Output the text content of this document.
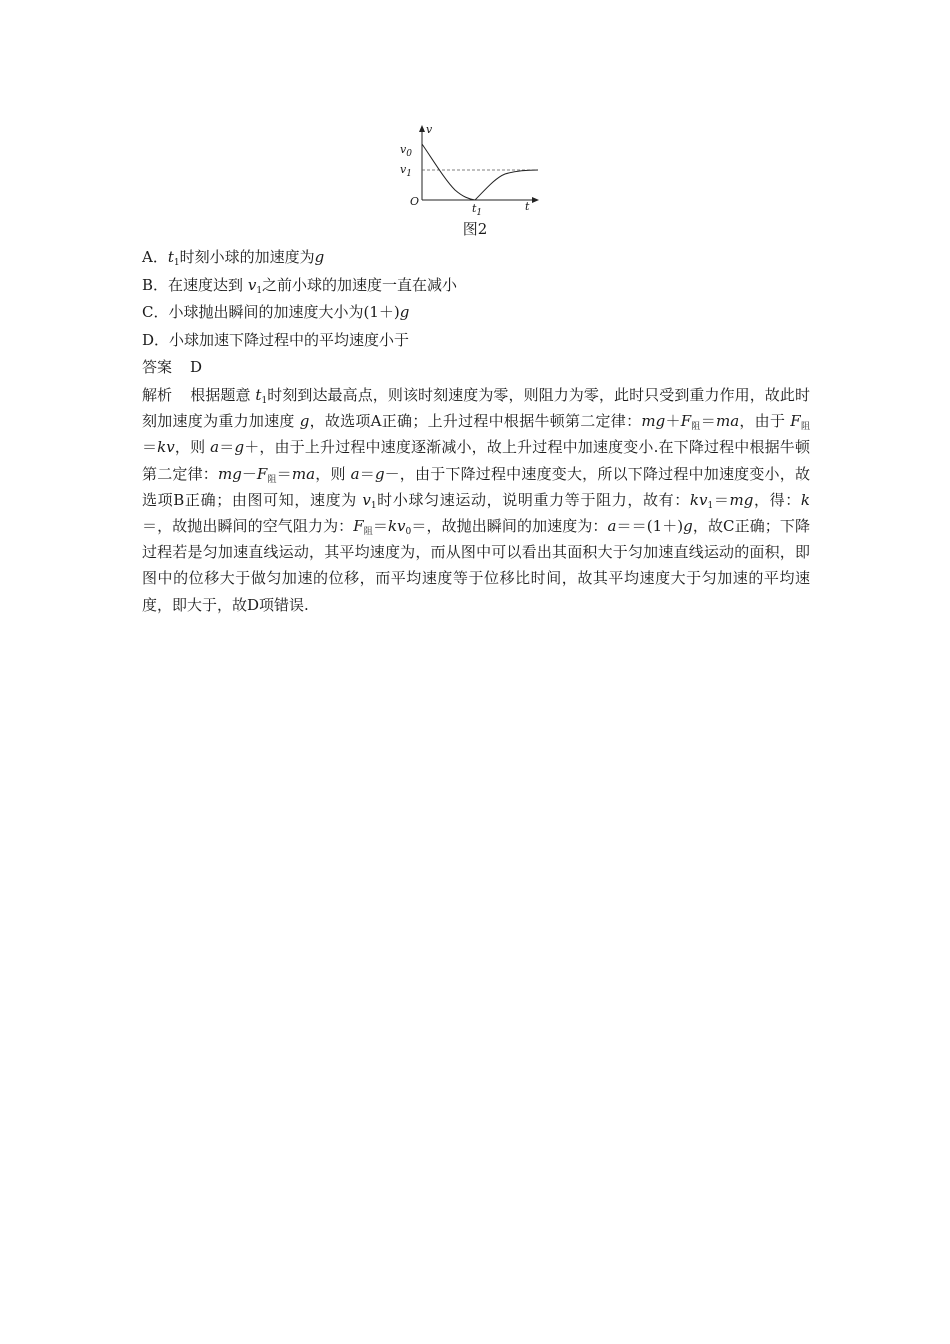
v
$v_0$
$v_1$
O
$t_1$	t
图2
A．$t_1$时刻小球的加速度为g
B．在速度达到 $v_1$之前小球的加速度一直在减小
C．小球抛出瞬间的加速度大小为(1＋)g
D．小球加速下降过程中的平均速度小于
答案 D
解析 根据题意 $t_1$时刻到达最高点，则该时刻速度为零，则阻力为零，此时只受到重力作用，故此时刻加速度为重力加速度 g，故选项A正确；上升过程中根据牛顿第二定律：$mg+F_阻=ma$，由于 $F_阻=kv$，则 a＝g＋，由于上升过程中速度逐渐减小，故上升过程中加速度变小.在下降过程中根据牛顿第二定律：$mg-F_阻=ma$，则 a＝g－，由于下降过程中速度变大，所以下降过程中加速度变小，故选项B正确；由图可知，速度为 $v_1$时小球匀速运动，说明重力等于阻力，故有：$kv_1=mg$，得：k＝，故抛出瞬间的空气阻力为：$F_阻=kv_0=$，故抛出瞬间的加速度为：a＝＝(1＋)g，故C正确；下降过程若是匀加速直线运动，其平均速度为，而从图中可以看出其面积大于匀加速直线运动的面积，即图中的位移大于做匀加速的位移，而平均速度等于位移比时间，故其平均速度大于匀加速的平均速度，即大于，故D项错误.
